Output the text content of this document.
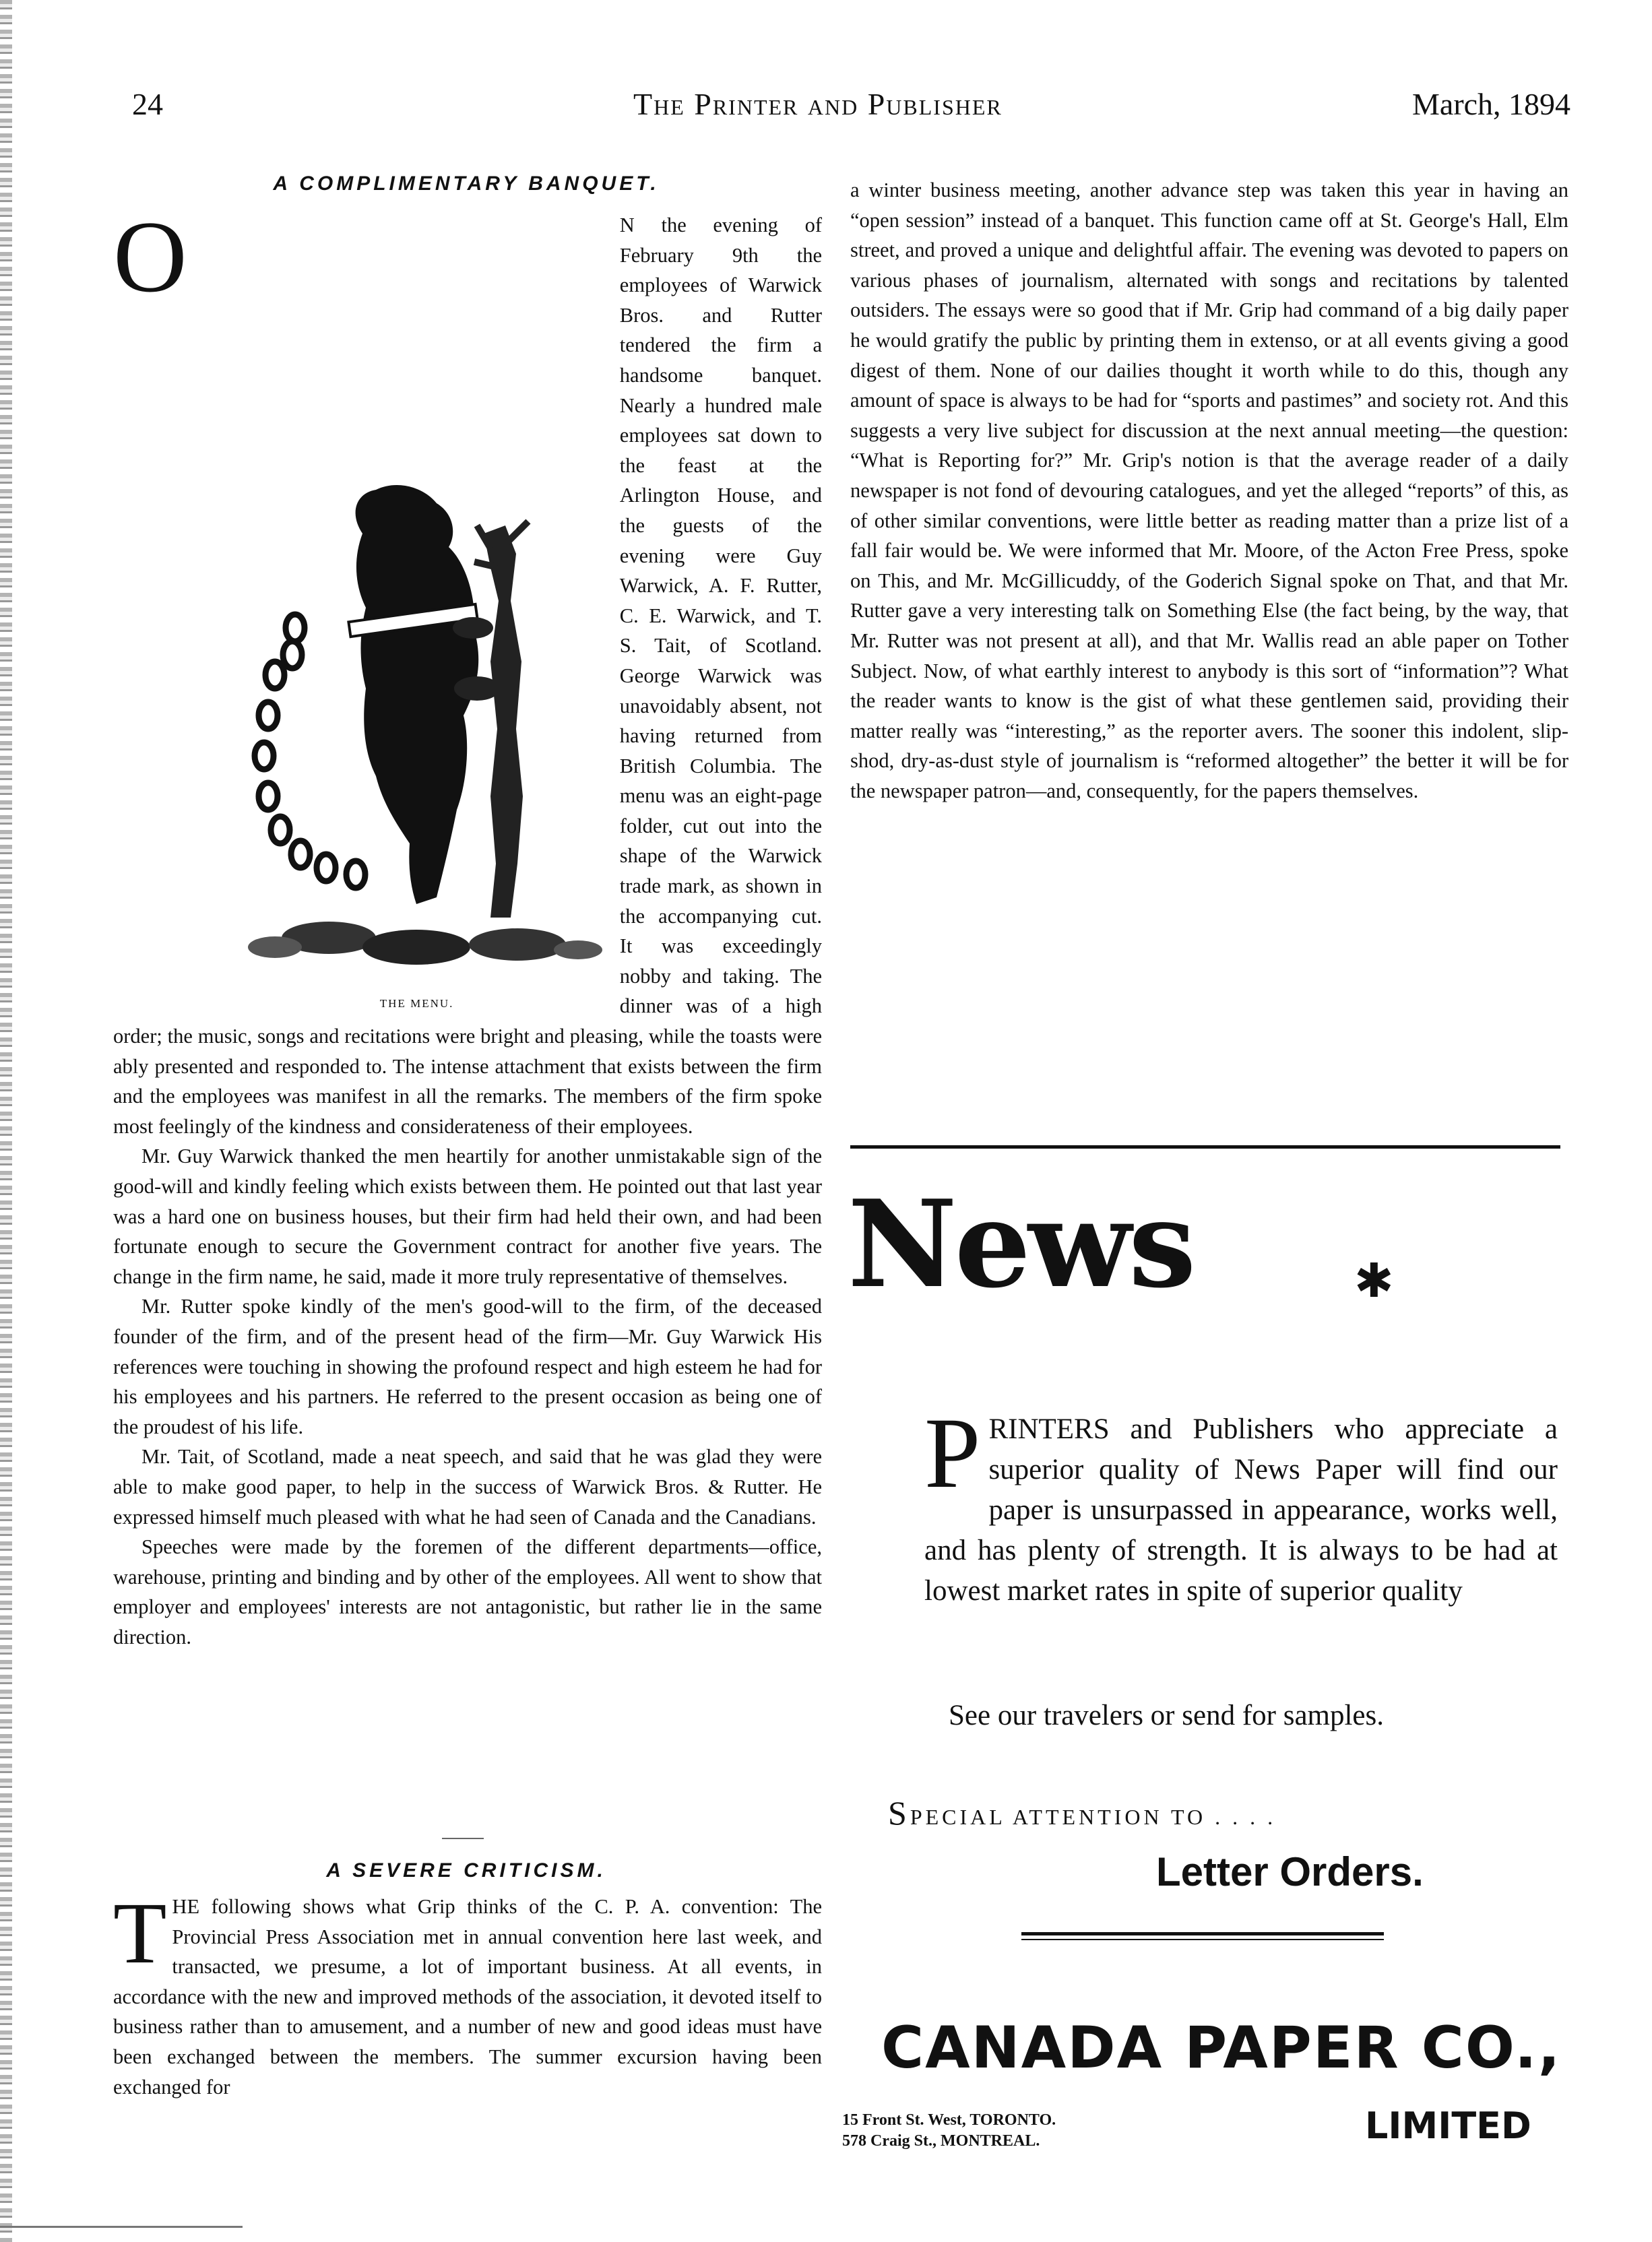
24	The Printer and Publisher	March, 1894
A COMPLIMENTARY BANQUET.
O

THE MENU.
N the evening of February 9th the employees of Warwick Bros. and Rutter tendered the firm a handsome banquet. Nearly a hundred male employees sat down to the feast at the Arlington House, and the guests of the evening were Guy Warwick, A. F. Rutter, C. E. Warwick, and T. S. Tait, of Scotland. George Warwick was unavoidably absent, not having returned from British Columbia. The menu was an eight-page folder, cut out into the shape of the Warwick trade mark, as shown in the accompanying cut. It was exceedingly nobby and taking. The dinner was of a high order; the music, songs and recitations were bright and pleasing, while the toasts were ably presented and responded to. The intense attachment that exists between the firm and the employees was manifest in all the remarks. The members of the firm spoke most feelingly of the kindness and considerateness of their employees.

Mr. Guy Warwick thanked the men heartily for another unmistakable sign of the good-will and kindly feeling which exists between them. He pointed out that last year was a hard one on business houses, but their firm had held their own, and had been fortunate enough to secure the Government contract for another five years. The change in the firm name, he said, made it more truly representative of themselves.

Mr. Rutter spoke kindly of the men's good-will to the firm, of the deceased founder of the firm, and of the present head of the firm—Mr. Guy Warwick His references were touching in showing the profound respect and high esteem he had for his employees and his partners. He referred to the present occasion as being one of the proudest of his life.

Mr. Tait, of Scotland, made a neat speech, and said that he was glad they were able to make good paper, to help in the success of Warwick Bros. & Rutter. He expressed himself much pleased with what he had seen of Canada and the Canadians.

Speeches were made by the foremen of the different departments—office, warehouse, printing and binding and by other of the employees. All went to show that employer and employees' interests are not antagonistic, but rather lie in the same direction.

A SEVERE CRITICISM.
T HE following shows what Grip thinks of the C. P. A. convention: The Provincial Press Association met in annual convention here last week, and transacted, we presume, a lot of important business. At all events, in accordance with the new and improved methods of the association, it devoted itself to business rather than to amusement, and a number of new and good ideas must have been exchanged between the members. The summer excursion having been exchanged for

a winter business meeting, another advance step was taken this year in having an “open session” instead of a banquet. This function came off at St. George's Hall, Elm street, and proved a unique and delightful affair. The evening was devoted to papers on various phases of journalism, alternated with songs and recitations by talented outsiders. The essays were so good that if Mr. Grip had command of a big daily paper he would gratify the public by printing them in extenso, or at all events giving a good digest of them. None of our dailies thought it worth while to do this, though any amount of space is always to be had for “sports and pastimes” and society rot. And this suggests a very live subject for discussion at the next annual meeting—the question: “What is Reporting for?” Mr. Grip's notion is that the average reader of a daily newspaper is not fond of devouring catalogues, and yet the alleged “reports” of this, as of other similar conventions, were little better as reading matter than a prize list of a fall fair would be. We were informed that Mr. Moore, of the Acton Free Press, spoke on This, and Mr. McGillicuddy, of the Goderich Signal spoke on That, and that Mr. Rutter gave a very interesting talk on Something Else (the fact being, by the way, that Mr. Rutter was not present at all), and that Mr. Wallis read an able paper on Tother Subject. Now, of what earthly interest to anybody is this sort of “information”? What the reader wants to know is the gist of what these gentlemen said, providing their matter really was “interesting,” as the reporter avers. The sooner this indolent, slip-shod, dry-as-dust style of journalism is “reformed altogether” the better it will be for the newspaper patron—and, consequently, for the papers themselves.

News	✱
P RINTERS and Publishers who appreciate a superior quality of News Paper will find our paper is unsurpassed in appearance, works well, and has plenty of strength. It is always to be had at lowest market rates in spite of superior quality
See our travelers or send for samples.
SPECIAL ATTENTION TO . . . .
Letter Orders.
CANADA PAPER CO.,
15 Front St. West, TORONTO.
578 Craig St., MONTREAL.	LIMITED
